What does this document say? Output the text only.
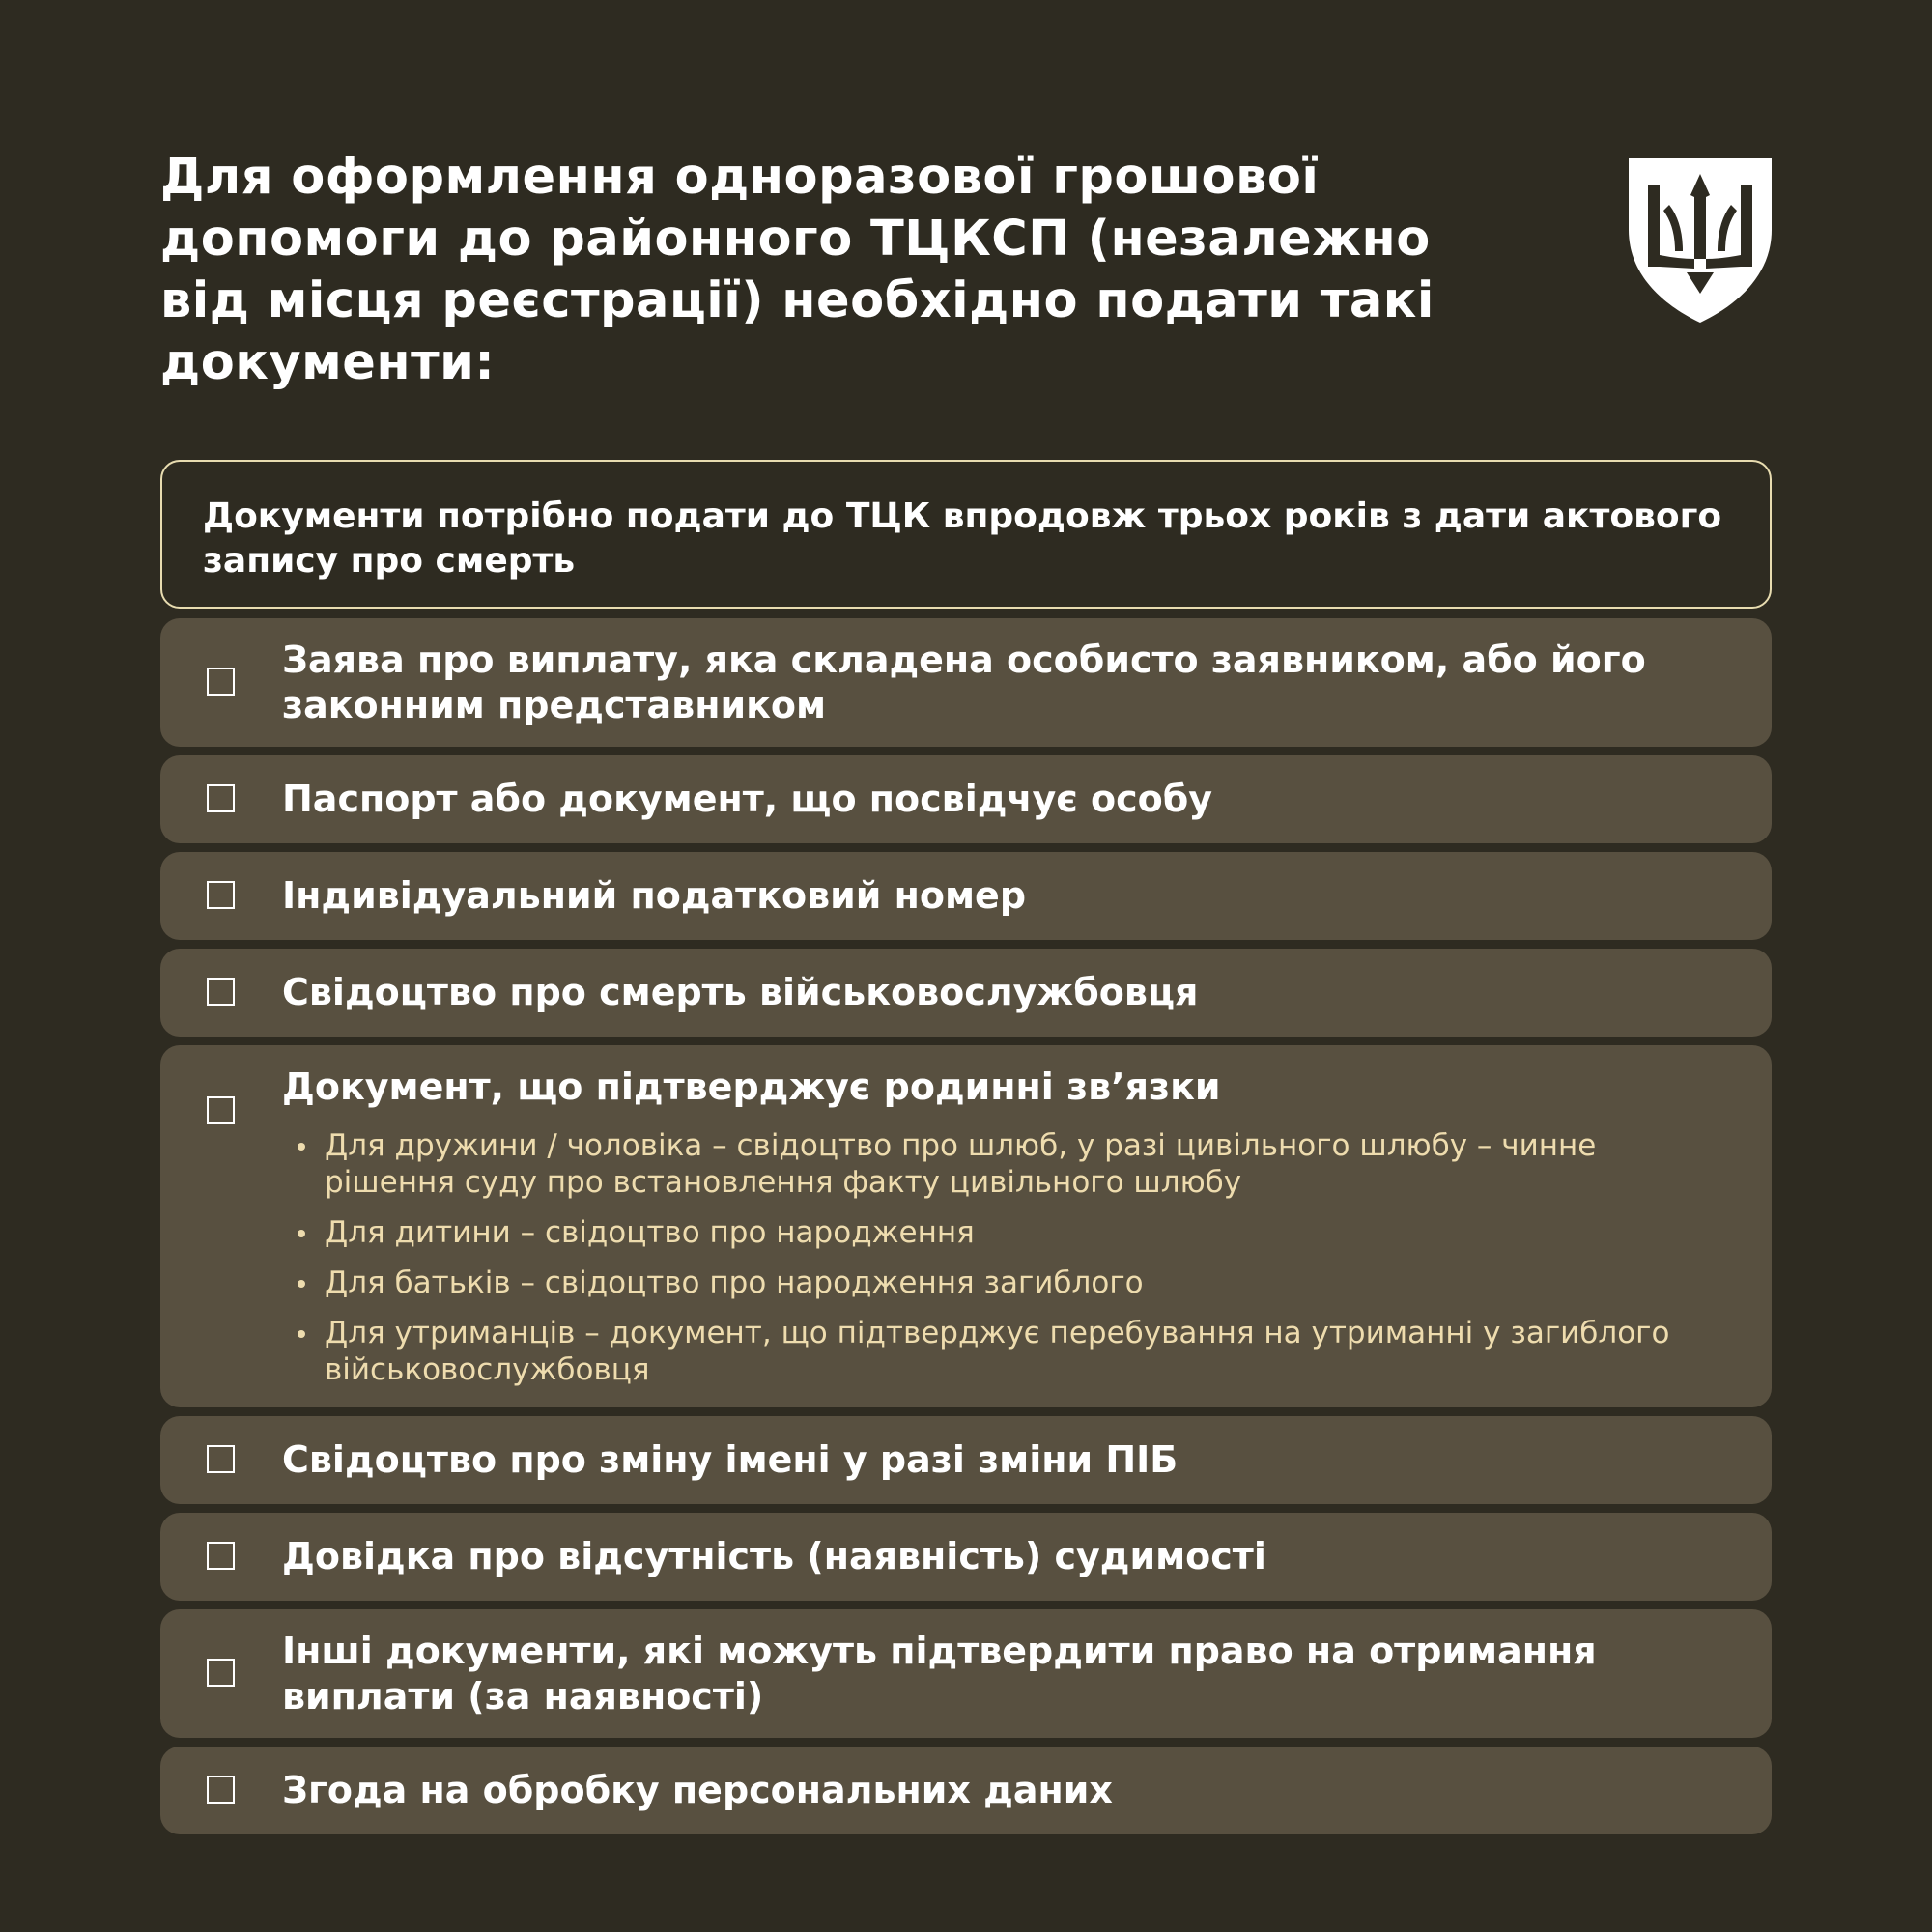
Для оформлення одноразової грошової допомоги до районного ТЦКСП (незалежно від місця реєстрації) необхідно подати такі документи:
Документи потрібно подати до ТЦК впродовж трьох років з дати актового запису про смерть
Заява про виплату, яка складена особисто заявником, або його законним представником
Паспорт або документ, що посвідчує особу
Індивідуальний податковий номер
Свідоцтво про смерть військовослужбовця
Документ, що підтверджує родинні зв’язки
Для дружини / чоловіка – свідоцтво про шлюб, у разі цивільного шлюбу – чинне рішення суду про встановлення факту цивільного шлюбу
Для дитини – свідоцтво про народження
Для батьків – свідоцтво про народження загиблого
Для утриманців – документ, що підтверджує перебування на утриманні у загиблого військовослужбовця
Свідоцтво про зміну імені у разі зміни ПІБ
Довідка про відсутність (наявність) судимості
Інші документи, які можуть підтвердити право на отримання виплати (за наявності)
Згода на обробку персональних даних
